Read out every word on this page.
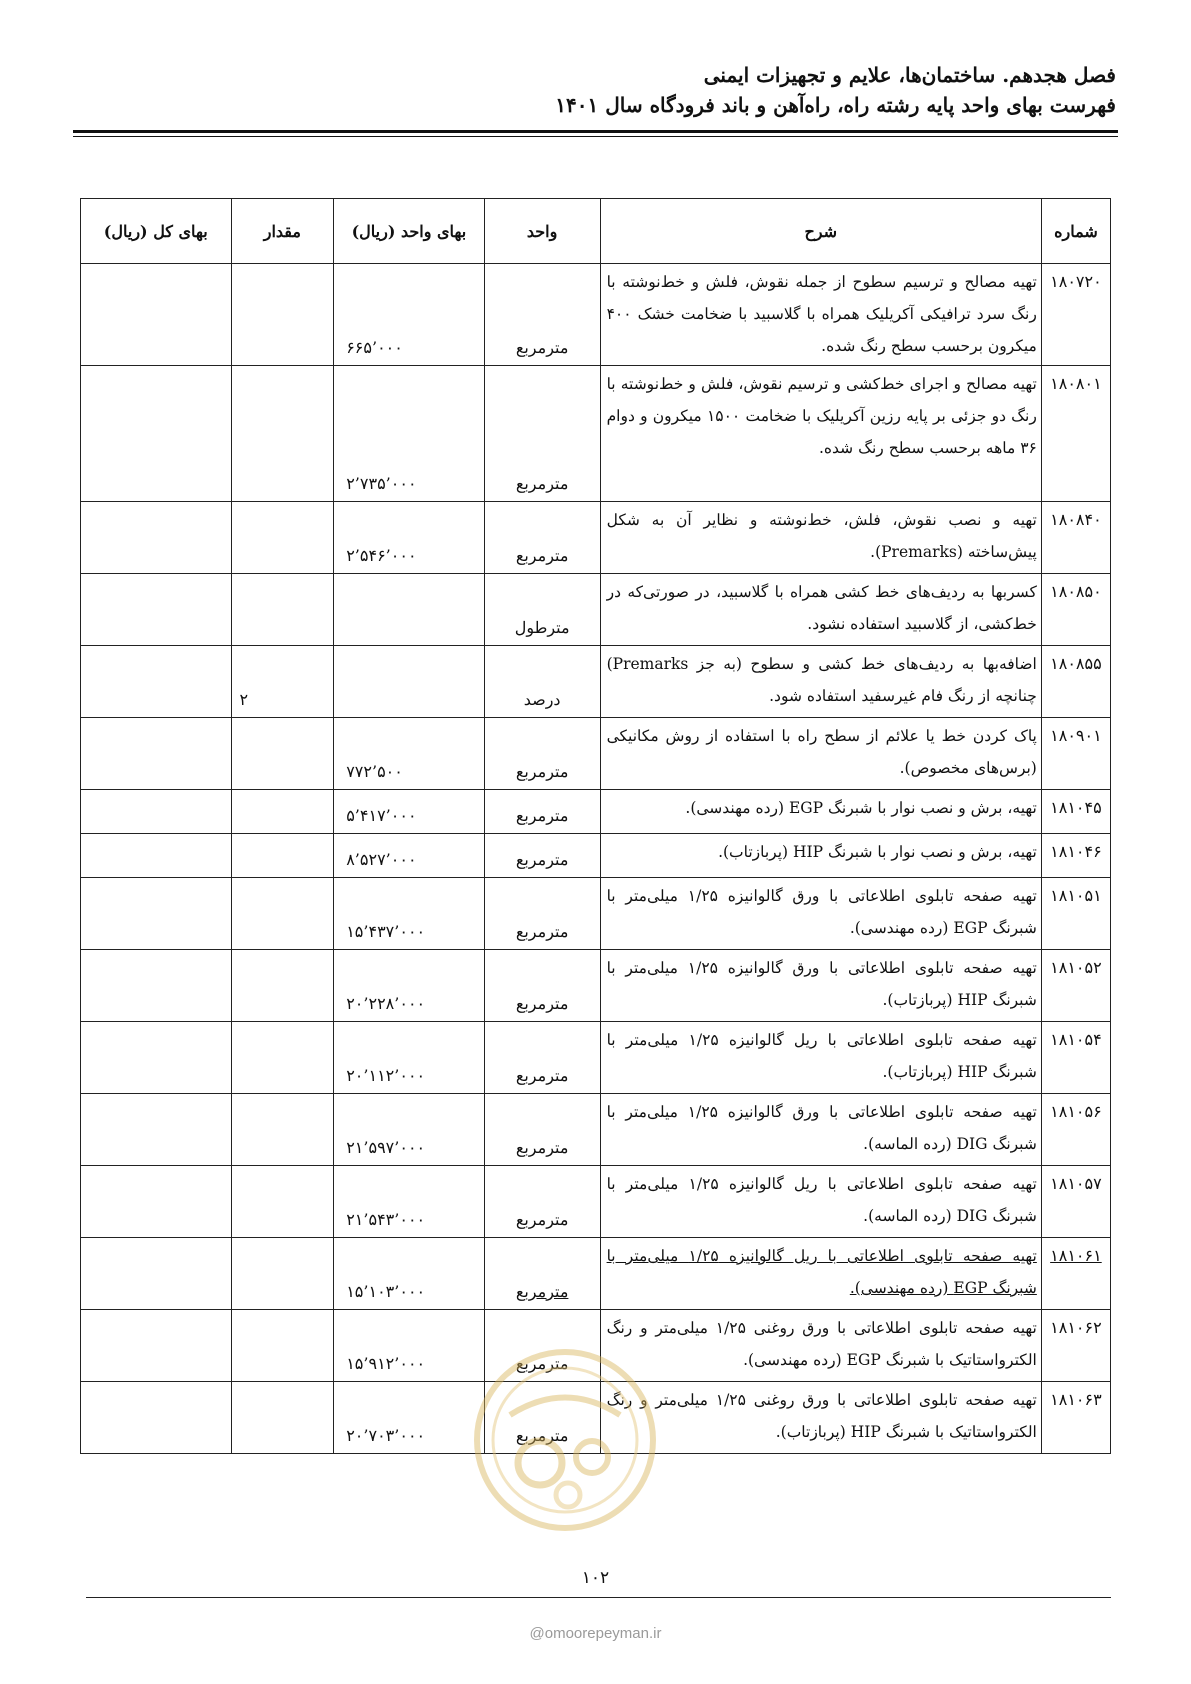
فصل هجدهم. ساختمان‌ها، علایم و تجهیزات ایمنی
فهرست بهای واحد پایه رشته راه، راه‌آهن و باند فرودگاه سال ۱۴۰۱
شماره	شرح	واحد	بهای واحد (ریال)	مقدار	بهای کل (ریال)
۱۸۰۷۲۰	تهیه مصالح و ترسیم سطوح از جمله نقوش، فلش و خط‌نوشته با رنگ سرد ترافیکی آکریلیک همراه با گلاسبید با ضخامت خشک ۴۰۰ میکرون برحسب سطح رنگ شده.	مترمربع	۶۶۵’۰۰۰		
۱۸۰۸۰۱	تهیه مصالح و اجرای خط‌کشی و ترسیم نقوش، فلش و خط‌نوشته با رنگ دو جزئی بر پایه رزین آکریلیک با ضخامت ۱۵۰۰ میکرون و دوام ۳۶ ماهه برحسب سطح رنگ شده.	مترمربع	۲’۷۳۵’۰۰۰		
۱۸۰۸۴۰	تهیه و نصب نقوش، فلش، خط‌نوشته و نظایر آن به شکل پیش‌ساخته (Premarks).	مترمربع	۲’۵۴۶’۰۰۰		
۱۸۰۸۵۰	کسربها به ردیف‌های خط کشی همراه با گلاسبید، در صورتی‌که در خط‌کشی، از گلاسبید استفاده نشود.	مترطول			
۱۸۰۸۵۵	اضافه‌بها به ردیف‌های خط کشی و سطوح (به جز Premarks) چنانچه از رنگ فام غیرسفید استفاده شود.	درصد		۲	
۱۸۰۹۰۱	پاک کردن خط یا علائم از سطح راه با استفاده از روش مکانیکی (برس‌های مخصوص).	مترمربع	۷۷۲’۵۰۰		
۱۸۱۰۴۵	تهیه، برش و نصب نوار با شبرنگ EGP (رده مهندسی).	مترمربع	۵’۴۱۷’۰۰۰		
۱۸۱۰۴۶	تهیه، برش و نصب نوار با شبرنگ HIP (پربازتاب).	مترمربع	۸’۵۲۷’۰۰۰		
۱۸۱۰۵۱	تهیه صفحه تابلوی اطلاعاتی با ورق گالوانیزه ۱/۲۵ میلی‌متر با شبرنگ EGP (رده مهندسی).	مترمربع	۱۵’۴۳۷’۰۰۰		
۱۸۱۰۵۲	تهیه صفحه تابلوی اطلاعاتی با ورق گالوانیزه ۱/۲۵ میلی‌متر با شبرنگ HIP (پربازتاب).	مترمربع	۲۰’۲۲۸’۰۰۰		
۱۸۱۰۵۴	تهیه صفحه تابلوی اطلاعاتی با ریل گالوانیزه ۱/۲۵ میلی‌متر با شبرنگ HIP (پربازتاب).	مترمربع	۲۰’۱۱۲’۰۰۰		
۱۸۱۰۵۶	تهیه صفحه تابلوی اطلاعاتی با ورق گالوانیزه ۱/۲۵ میلی‌متر با شبرنگ DIG (رده الماسه).	مترمربع	۲۱’۵۹۷’۰۰۰		
۱۸۱۰۵۷	تهیه صفحه تابلوی اطلاعاتی با ریل گالوانیزه ۱/۲۵ میلی‌متر با شبرنگ DIG (رده الماسه).	مترمربع	۲۱’۵۴۳’۰۰۰		
۱۸۱۰۶۱	تهیه صفحه تابلوی اطلاعاتی با ریل گالوانیزه ۱/۲۵ میلی‌متر با شبرنگ EGP (رده مهندسی).	مترمربع	۱۵’۱۰۳’۰۰۰		
۱۸۱۰۶۲	تهیه صفحه تابلوی اطلاعاتی با ورق روغنی ۱/۲۵ میلی‌متر و رنگ الکترواستاتیک با شبرنگ EGP (رده مهندسی).	مترمربع	۱۵’۹۱۲’۰۰۰		
۱۸۱۰۶۳	تهیه صفحه تابلوی اطلاعاتی با ورق روغنی ۱/۲۵ میلی‌متر و رنگ الکترواستاتیک با شبرنگ HIP (پربازتاب).	مترمربع	۲۰’۷۰۳’۰۰۰		
۱۰۲
@omoorepeyman.ir
